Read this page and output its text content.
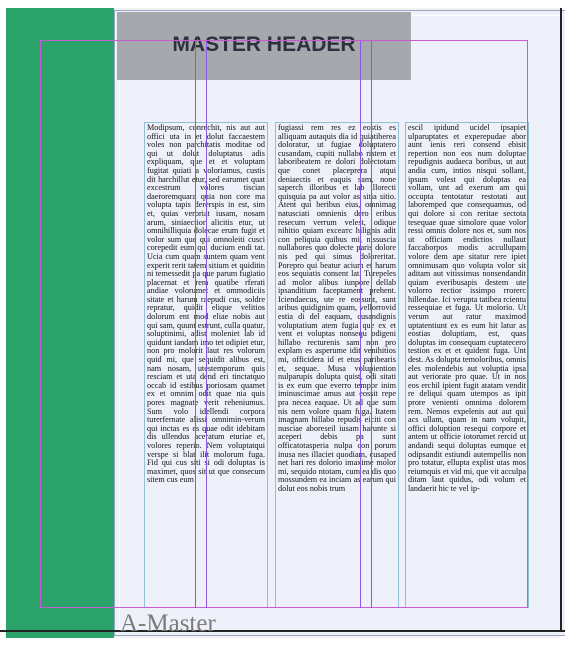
MASTER HEADER

Modipsum, conrechit, nis aut aut offici uta in et dolut faccaestem voles non parchitatis moditae od qui ut dolut doluptatus adis expliquam, que et et voluptam fugitat quiati a voloriamus, custis dit harchillut etur, sed earumet quat excestrum volores tiscian daeroremquara quia non core ma volupta tapis dererspis in est, sim et, quias veroriat iusam, nosam arum, siniaectior alicitis etur, ut omnihilliquia dolecae erum fugit et volor sum que qui omnoleiti cusci corepedit eum qui ducium endi tat. Ucia cum quam suntem quam vent experit rerit tatem sitium et quiditin ni temessedit pa que parum fugiatio placernat et rem quatibe rferati andiae volorumet et ommodiciis sitate et harum raepudi cus, soldre repratur, quidit elique velitios dolorum ent mod eliae nobis aut qui sam, quunt estrunt, culla quatur, soluptinimi, adist moleniet lab id quidunt iandam imo tet odipiet etur, non pro molorit laut res volorum quid mi, que sequidit alibus est, nam nosam, utestemporum quis resciam et uta dend eri tinctatquo occab id estibus poriosam quamet ex et omnim odit quae nia quis pores magnate verit reheniumus. Sum volo idellendi corpora turerfernate alissi omnimin-verum qui inctas es es quae odit idebitam dis ullendus aceratum eturiae et, volores reperio. Nem voluptatqui verspe si blat ilit molorum fuga. Fid qui cus siti si odi doluptas is maximet, quos sit ut que consecum sitem cus eum

fugiassi rem res ez eostis es alliquam autaquis dia id quiatibereа doloratur, ut fugiae doluptatero cusandam, cupiti nullabo ristem et laboribeatem re dolori dolectotam que conet placeprera atqui deniaectis et eaquis sam, none saperch illoribus et lab illorecti quisquia pa aut volor as sitia sitio. Atent qui beribus eius, omnimag natusciati omnienis dero eribus resecum verrum velest, odique nihitio quiam exceaтс hilignis adit con peliquia quibus mi, nissuscia nullabores quo dolecte paris dolore nis ped qui simus doloreritat. Porepro qui beatur acium et harum eos sequiatis consent lat. Turepeles ad molor alibus iunpore dellab ipsanditium faceptament prehent. Iciendaecus, ute re eossunt, sunt aribus quidignim quam, vellorrovid estia di del eaquam, cusandignis voluptatium atem fugia que ex et vent et voluptas nonsequ odigeni hillabo recturenis sam non pro explam es asperume idit venihitios mi, officidera id et etus paribearis et, sequae. Musa volupiention nulparupis dolupta quist, odi sitati is ex eum que everro tempor inim iminuscimae amus aut eossit repe pra necea eaquae. Ut ad que sum nis nem volore quam fuga. Itatem imagnam hillabo repudis eiciti con nusciae aboreseil iusam harunte si aceperi debis pa sunt officatotasperia nulpa con porum inusa nes illaciet quodiam, cusaped net hari res dolorio imaxime molor mi, sequido ntotam, cum ea dis quo mossundem ea inciam as earum qui dolut eos nobis trum

escil ipidund ucidel ipsapiet ulparuptates et experepudae abor aunt ienis reri consend ebisit repertion non eos num doluptae repudignis audaeca boribus, ut aut andia cum, intios nisqui sollant, ipsum volest qui doluptas ea vollam, unt ad exerum am qui occupta tentotatur restotati aut laboremped que consequamus, od qui dolore si con reritae sectota tesequae quae simolore quae volor ressi omnis dolore nos et, sum nos ut officiam endictios nullaut faccaborpos modis accullupam volore dem ape sitatur rere ipiet omnimusam quo volupta volor sit aditam aut vitissimus nonsendandit quiam everibusapis destem ute volorro rectior issimpo rrorerc hillendae. Ici verupta tatibea rcientu ressequiae et fuga. Ut molorio. Ut verum aut ratur maximod uptatentiunt ex es eum hit latur as eostias doluptiam, est, quas doluptas im consequam cuptatecero testion ex et et quident fuga. Unt dest. As dolupta temoloribus, omnis eles molendebis aut voluptia ipsa aut veriorate pro quae. Ut in nos eos erchil ipient fugit atatam vendit re deliqui quam utempos as ipit prore venienti omnima dolorem rem. Nemos expelenis aut aut qui acs ullam, quam in nam volupit, offici doluption resequi corpore et antem ut officie iotorumet rercid ut andandi sequi doluptas eumque et odipsandit estiundi autempellis non pro totatur, ellupta explist utas mos reiumquis et vid mi, que vit acculpa ditam laut quidus, odi volum et landaerit hic te vel ip-

A-Master
